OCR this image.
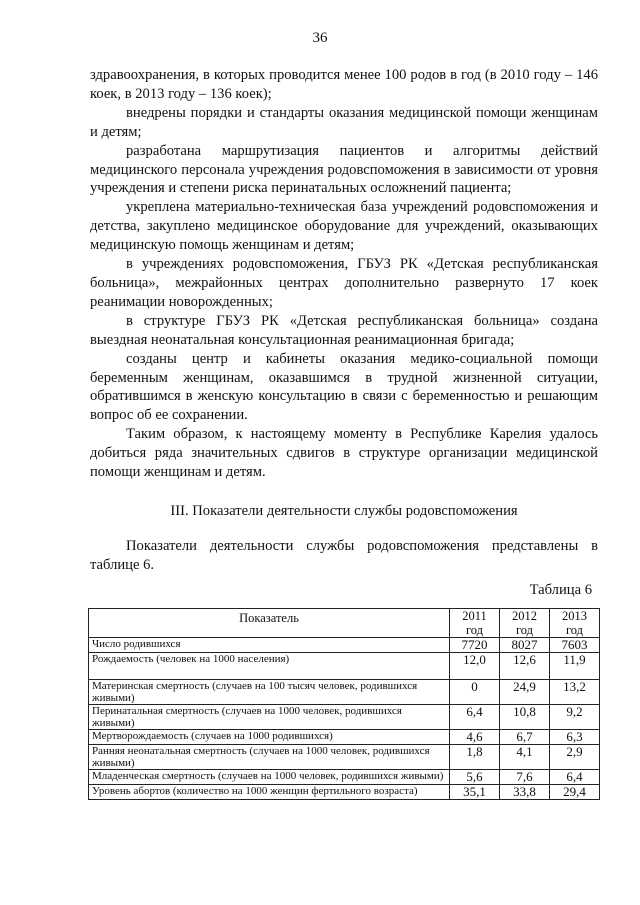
36

здравоохранения, в которых проводится менее 100 родов в год (в 2010 году – 146 коек, в 2013 году – 136 коек);

внедрены порядки и стандарты оказания медицинской помощи женщинам и детям;

разработана маршрутизация пациентов и алгоритмы действий медицинского персонала учреждения родовспоможения в зависимости от уровня учреждения и степени риска перинатальных осложнений пациента;

укреплена материально-техническая база учреждений родовспоможения и детства, закуплено медицинское оборудование для учреждений, оказывающих медицинскую помощь женщинам и детям;

в учреждениях родовспоможения, ГБУЗ РК «Детская республиканская больница», межрайонных центрах дополнительно развернуто 17 коек реанимации новорожденных;

в структуре ГБУЗ РК «Детская республиканская больница» создана выездная неонатальная консультационная реанимационная бригада;

созданы центр и кабинеты оказания медико-социальной помощи беременным женщинам, оказавшимся в трудной жизненной ситуации, обратившимся в женскую консультацию в связи с беременностью и решающим вопрос об ее сохранении.

Таким образом, к настоящему моменту в Республике Карелия удалось добиться ряда значительных сдвигов в структуре организации медицинской помощи женщинам и детям.

III. Показатели деятельности службы родовспоможения

Показатели деятельности службы родовспоможения представлены в таблице 6.

Таблица 6
Показатель	2011 год	2012 год	2013 год
Число родившихся	7720	8027	7603
Рождаемость (человек на 1000 населения)	12,0	12,6	11,9
Материнская смертность (случаев на 100 тысяч человек, родившихся живыми)	0	24,9	13,2
Перинатальная смертность (случаев на 1000 человек, родившихся живыми)	6,4	10,8	9,2
Мертворождаемость (случаев на 1000 родившихся)	4,6	6,7	6,3
Ранняя неонатальная смертность (случаев на 1000 человек, родившихся живыми)	1,8	4,1	2,9
Младенческая смертность (случаев на 1000 человек, родившихся живыми)	5,6	7,6	6,4
Уровень абортов (количество на 1000 женщин фертильного возраста)	35,1	33,8	29,4
